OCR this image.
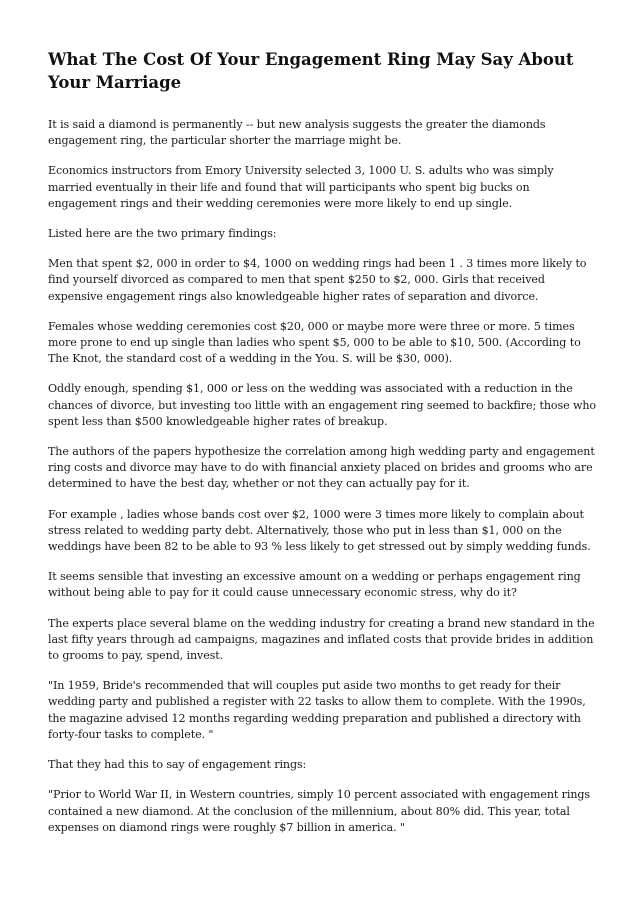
What The Cost Of Your Engagement Ring May Say About Your Marriage

It is said a diamond is permanently -- but new analysis suggests the greater the diamonds engagement ring, the particular shorter the marriage might be.

Economics instructors from Emory University selected 3, 1000 U. S. adults who was simply married eventually in their life and found that will participants who spent big bucks on engagement rings and their wedding ceremonies were more likely to end up single.

Listed here are the two primary findings:

Men that spent $2, 000 in order to $4, 1000 on wedding rings had been 1 . 3 times more likely to find yourself divorced as compared to men that spent $250 to $2, 000. Girls that received expensive engagement rings also knowledgeable higher rates of separation and divorce.

Females whose wedding ceremonies cost $20, 000 or maybe more were three or more. 5 times more prone to end up single than ladies who spent $5, 000 to be able to $10, 500. (According to The Knot, the standard cost of a wedding in the You. S. will be $30, 000).

Oddly enough, spending $1, 000 or less on the wedding was associated with a reduction in the chances of divorce, but investing too little with an engagement ring seemed to backfire; those who spent less than $500 knowledgeable higher rates of breakup.

The authors of the papers hypothesize the correlation among high wedding party and engagement ring costs and divorce may have to do with financial anxiety placed on brides and grooms who are determined to have the best day, whether or not they can actually pay for it.

For example , ladies whose bands cost over $2, 1000 were 3 times more likely to complain about stress related to wedding party debt. Alternatively, those who put in less than $1, 000 on the weddings have been 82 to be able to 93 % less likely to get stressed out by simply wedding funds.

It seems sensible that investing an excessive amount on a wedding or perhaps engagement ring without being able to pay for it could cause unnecessary economic stress, why do it?

The experts place several blame on the wedding industry for creating a brand new standard in the last fifty years through ad campaigns, magazines and inflated costs that provide brides in addition to grooms to pay, spend, invest.

"In 1959, Bride's recommended that will couples put aside two months to get ready for their wedding party and published a register with 22 tasks to allow them to complete. With the 1990s, the magazine advised 12 months regarding wedding preparation and published a directory with forty-four tasks to complete. "

That they had this to say of engagement rings:

"Prior to World War II, in Western countries, simply 10 percent associated with engagement rings contained a new diamond. At the conclusion of the millennium, about 80% did. This year, total expenses on diamond rings were roughly $7 billion in america. "
